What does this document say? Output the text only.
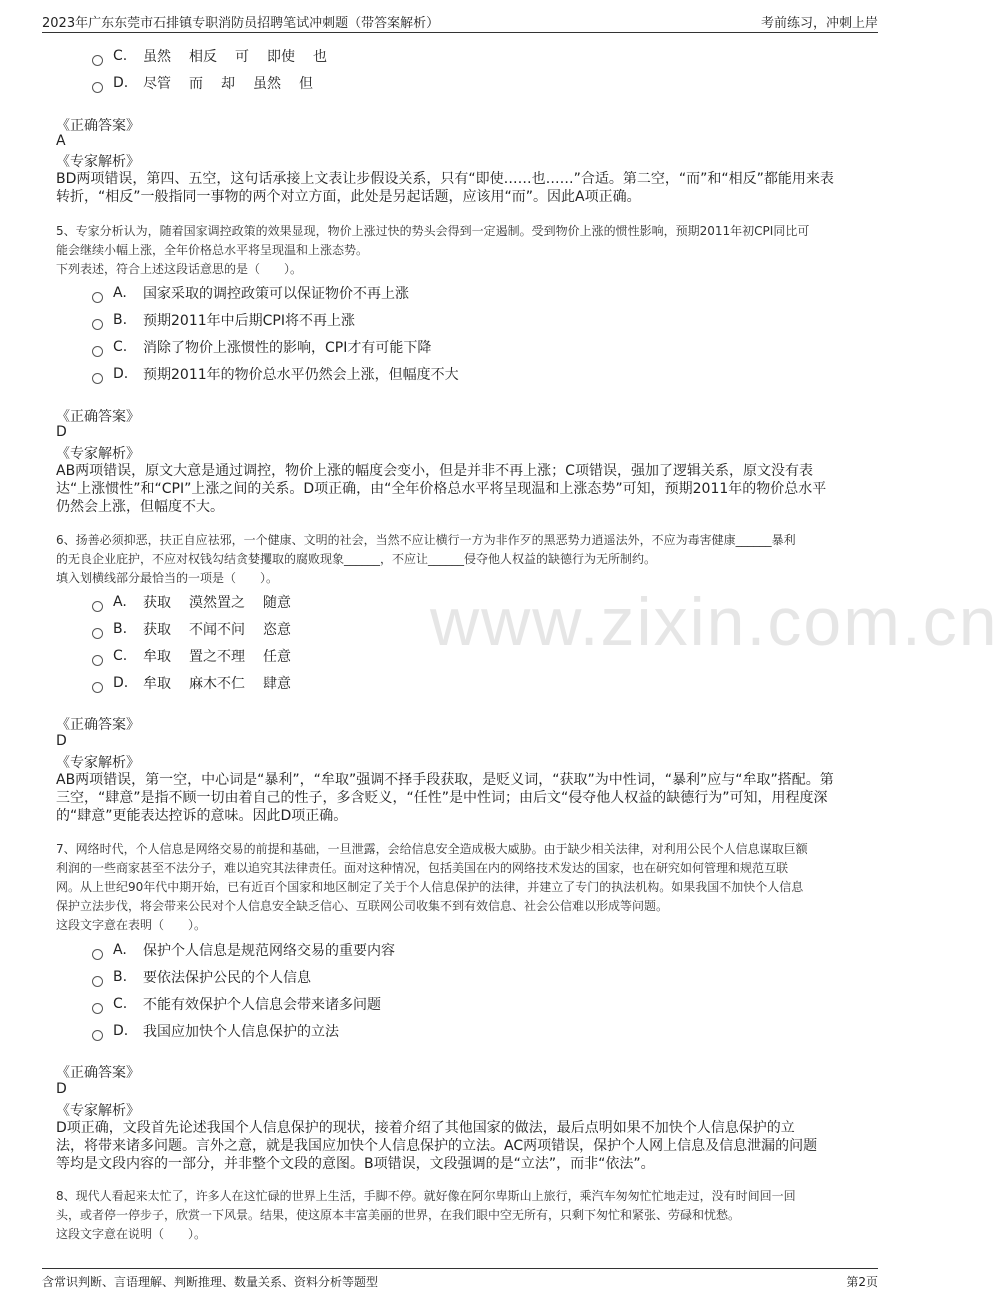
2023年广东东莞市石排镇专职消防员招聘笔试冲刺题（带答案解析）	考前练习，冲刺上岸
www.zixin.com.cn
C.	虽然 相反 可 即使 也
D.	尽管 而 却 虽然 但
《正确答案》
A
《专家解析》
BD两项错误，第四、五空，这句话承接上文表让步假设关系，只有“即使……也……”合适。第二空，“而”和“相反”都能用来表
转折，“相反”一般指同一事物的两个对立方面，此处是另起话题，应该用“而”。因此A项正确。
5、专家分析认为，随着国家调控政策的效果显现，物价上涨过快的势头会得到一定遏制。受到物价上涨的惯性影响，预期2011年初CPI同比可
能会继续小幅上涨，全年价格总水平将呈现温和上涨态势。
下列表述，符合上述这段话意思的是（　　）。
A.	国家采取的调控政策可以保证物价不再上涨
B.	预期2011年中后期CPI将不再上涨
C.	消除了物价上涨惯性的影响，CPI才有可能下降
D.	预期2011年的物价总水平仍然会上涨，但幅度不大
《正确答案》
D
《专家解析》
AB两项错误，原文大意是通过调控，物价上涨的幅度会变小，但是并非不再上涨；C项错误，强加了逻辑关系，原文没有表
达“上涨惯性”和“CPI”上涨之间的关系。D项正确，由“全年价格总水平将呈现温和上涨态势”可知，预期2011年的物价总水平
仍然会上涨，但幅度不大。
6、扬善必须抑恶，扶正自应祛邪，一个健康、文明的社会，当然不应让横行一方为非作歹的黑恶势力逍遥法外，不应为毒害健康______暴利
的无良企业庇护，不应对权钱勾结贪婪攫取的腐败现象______，不应让______侵夺他人权益的缺德行为无所制约。
填入划横线部分最恰当的一项是（　　）。
A.	获取 漠然置之 随意
B.	获取 不闻不问 恣意
C.	牟取 置之不理 任意
D.	牟取 麻木不仁 肆意
《正确答案》
D
《专家解析》
AB两项错误，第一空，中心词是“暴利”，“牟取”强调不择手段获取，是贬义词，“获取”为中性词，“暴利”应与“牟取”搭配。第
三空，“肆意”是指不顾一切由着自己的性子，多含贬义，“任性”是中性词；由后文“侵夺他人权益的缺德行为”可知，用程度深
的“肆意”更能表达控诉的意味。因此D项正确。
7、网络时代，个人信息是网络交易的前提和基础，一旦泄露，会给信息安全造成极大威胁。由于缺少相关法律，对利用公民个人信息谋取巨额
利润的一些商家甚至不法分子，难以追究其法律责任。面对这种情况，包括美国在内的网络技术发达的国家，也在研究如何管理和规范互联
网。从上世纪90年代中期开始，已有近百个国家和地区制定了关于个人信息保护的法律，并建立了专门的执法机构。如果我国不加快个人信息
保护立法步伐，将会带来公民对个人信息安全缺乏信心、互联网公司收集不到有效信息、社会公信难以形成等问题。
这段文字意在表明（　　）。
A.	保护个人信息是规范网络交易的重要内容
B.	要依法保护公民的个人信息
C.	不能有效保护个人信息会带来诸多问题
D.	我国应加快个人信息保护的立法
《正确答案》
D
《专家解析》
D项正确，文段首先论述我国个人信息保护的现状，接着介绍了其他国家的做法，最后点明如果不加快个人信息保护的立
法，将带来诸多问题。言外之意，就是我国应加快个人信息保护的立法。AC两项错误，保护个人网上信息及信息泄漏的问题
等均是文段内容的一部分，并非整个文段的意图。B项错误，文段强调的是“立法”，而非“依法”。
8、现代人看起来太忙了，许多人在这忙碌的世界上生活，手脚不停。就好像在阿尔卑斯山上旅行，乘汽车匆匆忙忙地走过，没有时间回一回
头，或者停一停步子，欣赏一下风景。结果，使这原本丰富美丽的世界，在我们眼中空无所有，只剩下匆忙和紧张、劳碌和忧愁。
这段文字意在说明（　　）。
含常识判断、言语理解、判断推理、数量关系、资料分析等题型	第2页
